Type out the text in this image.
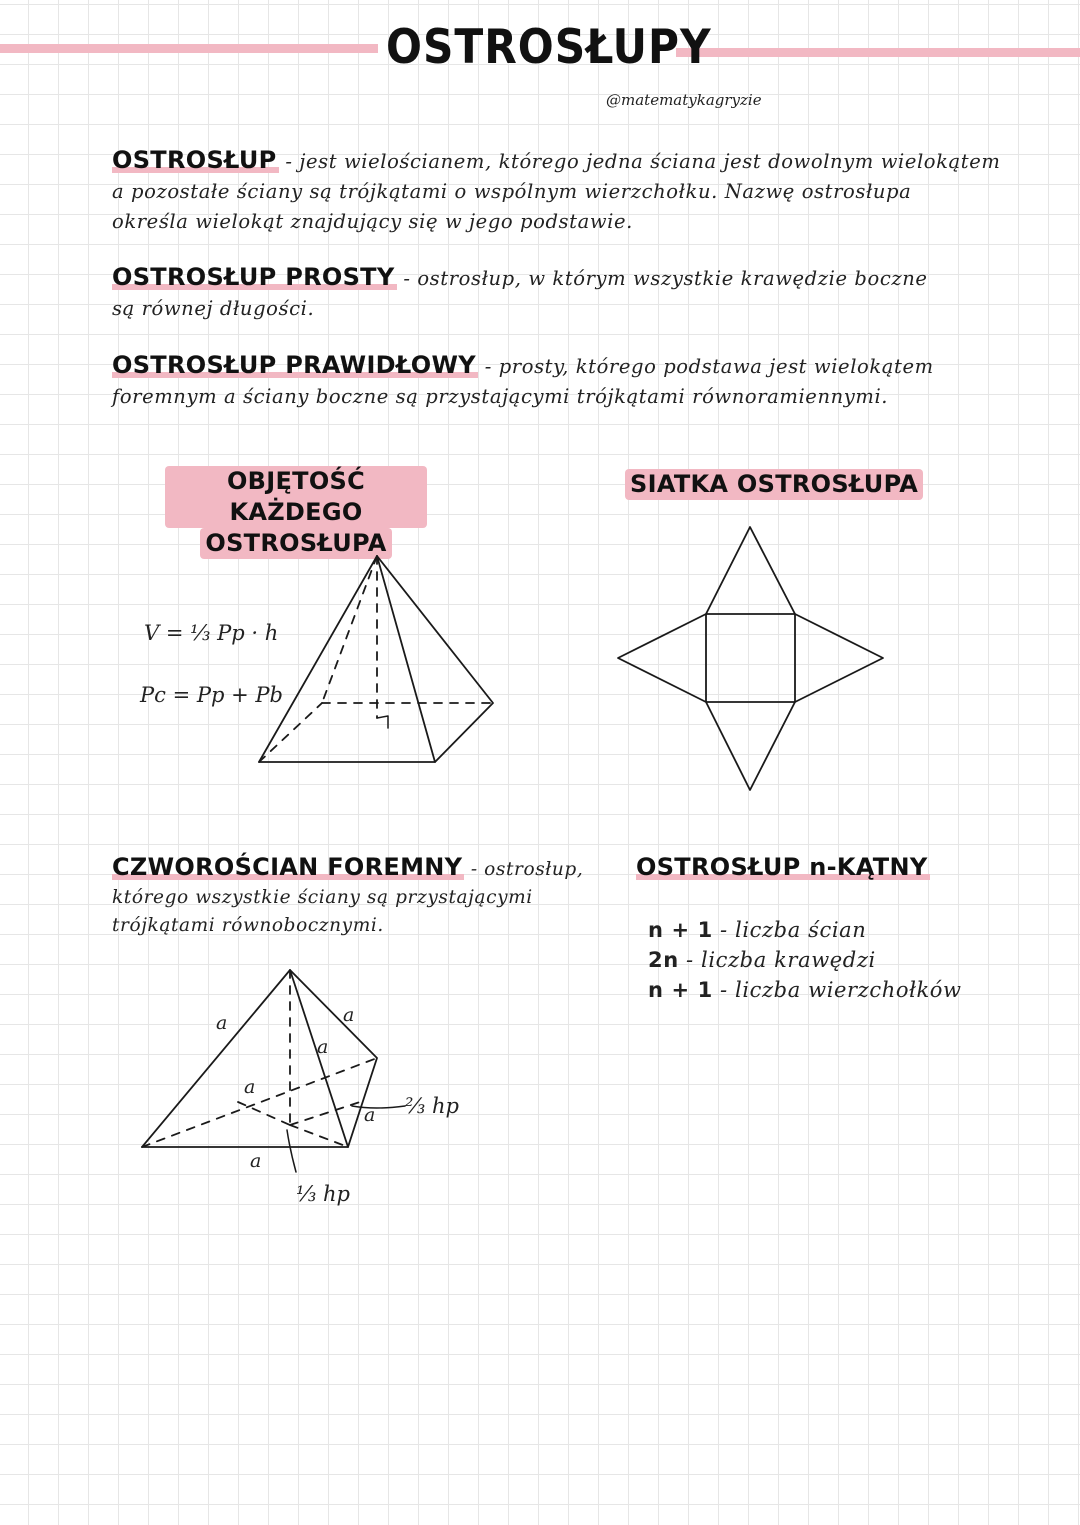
OSTROSŁUPY
@matematykagryzie
OSTROSŁUP - jest wielościanem, którego jedna ściana jest dowolnym wielokątem
a pozostałe ściany są trójkątami o wspólnym wierzchołku. Nazwę ostrosłupa
określa wielokąt znajdujący się w jego podstawie.
OSTROSŁUP PROSTY - ostrosłup, w którym wszystkie krawędzie boczne
są równej długości.
OSTROSŁUP PRAWIDŁOWY - prosty, którego podstawa jest wielokątem
foremnym a ściany boczne są przystającymi trójkątami równoramiennymi.
OBJĘTOŚĆ KAŻDEGO
OSTROSŁUPA
V = ⅓ Pp · h
Pc = Pp + Pb
SIATKA OSTROSŁUPA
CZWOROŚCIAN FOREMNY - ostrosłup,
którego wszystkie ściany są przystającymi
trójkątami równobocznymi.
OSTROSŁUP n-KĄTNY
n + 1 - liczba ścian
2n - liczba krawędzi
n + 1 - liczba wierzchołków
a	a
a
a
a
a
⅔ hp
⅓ hp
